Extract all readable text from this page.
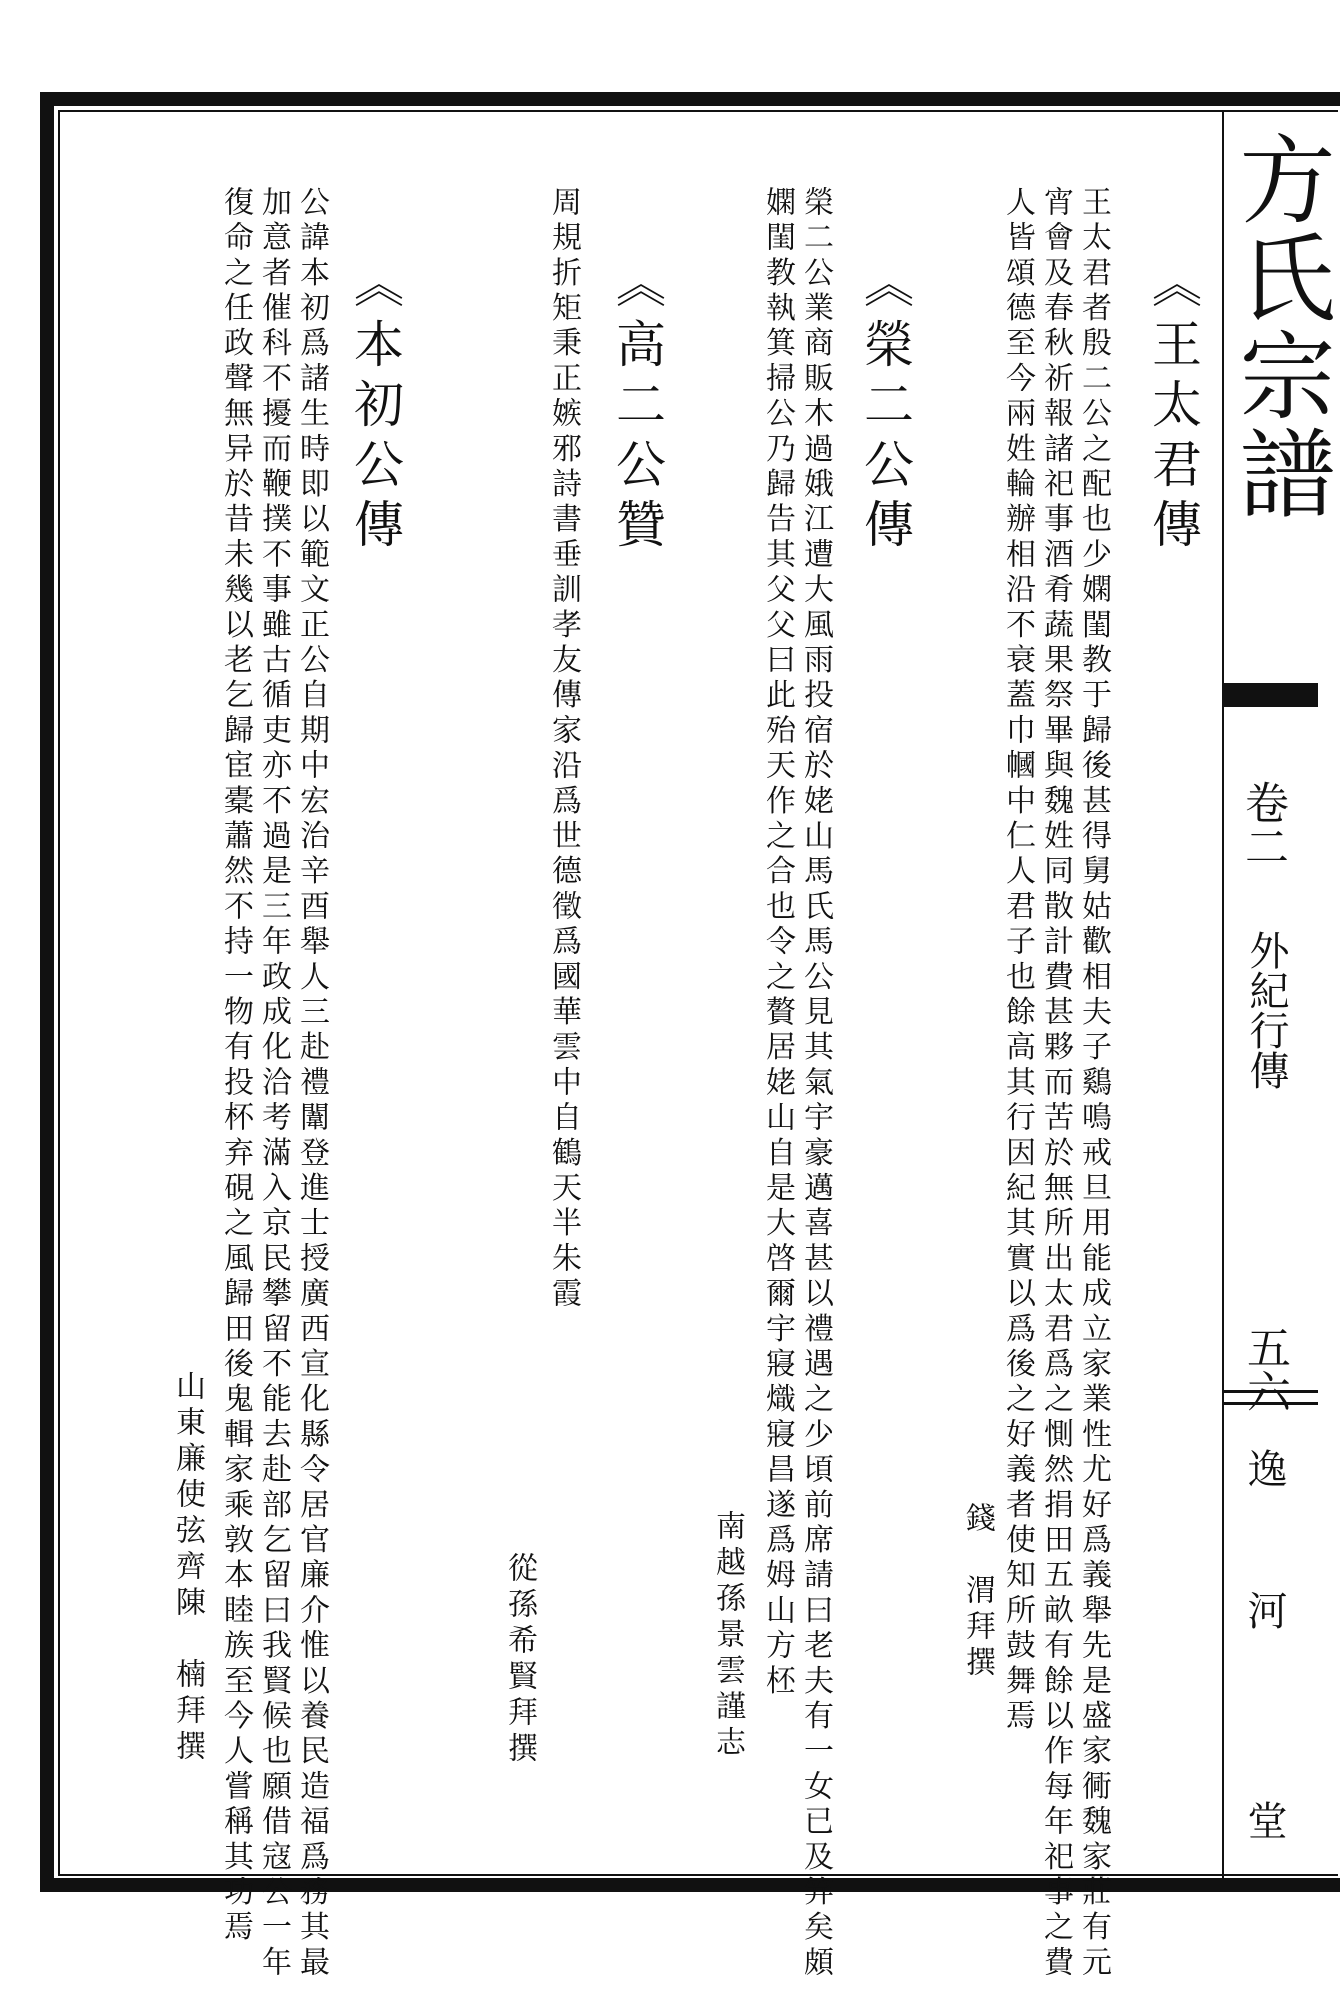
方氏宗譜
卷二
外紀行傳
五六
逸
河
堂
《王太君傳
王太君者殷二公之配也少嫻閨教于歸後甚得舅姑歡相夫子鷄鳴戒旦用能成立家業性尤好爲義舉先是盛家衕魏家莊有元
宵會及春秋祈報諸祀事酒肴蔬果祭畢與魏姓同散計費甚夥而苦於無所出太君爲之惻然捐田五畝有餘以作每年祀事之費
人皆頌德至今兩姓輪辦相沿不衰蓋巾幗中仁人君子也餘高其行因紀其實以爲後之好義者使知所鼓舞焉
錢　渭拜撰
《榮二公傳
榮二公業商販木過娥江遭大風雨投宿於姥山馬氏馬公見其氣宇豪邁喜甚以禮遇之少頃前席請曰老夫有一女已及笄矣頗
嫻閨教執箕掃公乃歸告其父父曰此殆天作之合也令之贅居姥山自是大啓爾宇寢熾寢昌遂爲姆山方柸
南越孫景雲謹志
《高二公贊
周規折矩秉正嫉邪詩書垂訓孝友傳家沿爲世德徵爲國華雲中自鶴天半朱霞
從孫希賢拜撰
《本初公傳
公諱本初爲諸生時即以範文正公自期中宏治辛酉舉人三赴禮闈登進士授廣西宣化縣令居官廉介惟以養民造福爲務其最
加意者催科不擾而鞭撲不事雖古循吏亦不過是三年政成化洽考滿入京民攀留不能去赴部乞留曰我賢候也願借寇公一年
復命之任政聲無异於昔未幾以老乞歸宦橐蕭然不持一物有投杯弃硯之風歸田後鬼輯家乘敦本睦族至今人嘗稱其功焉
山東廉使弦齊陳　楠拜撰
